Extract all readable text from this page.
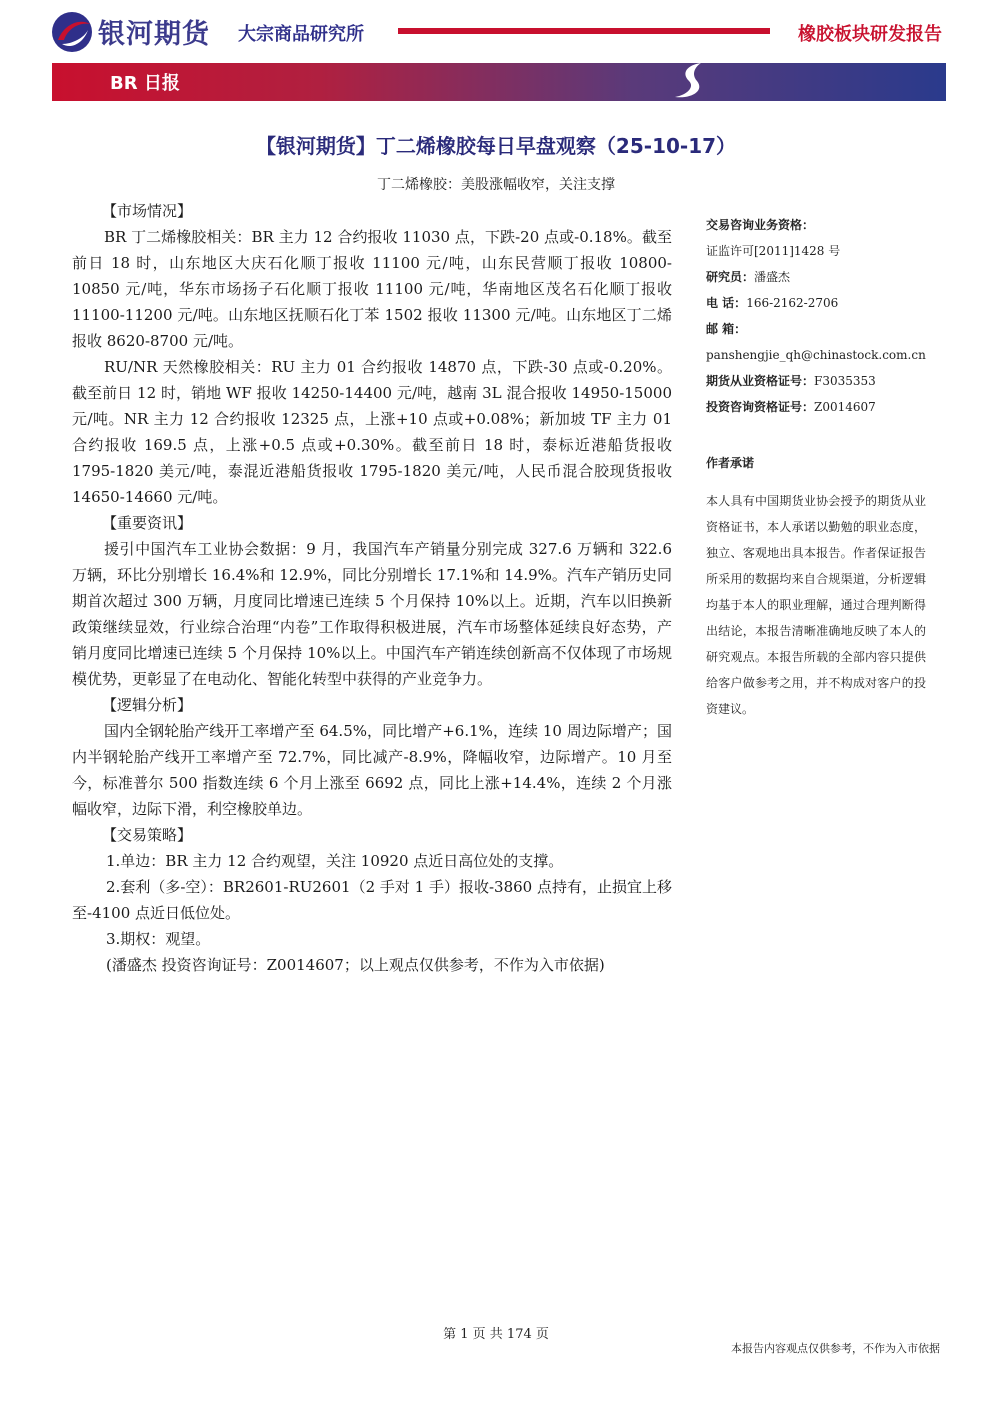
银河期货 大宗商品研究所	橡胶板块研发报告
BR 日报
【银河期货】丁二烯橡胶每日早盘观察（25-10-17）
丁二烯橡胶：美股涨幅收窄，关注支撑

【市场情况】

BR 丁二烯橡胶相关：BR 主力 12 合约报收 11030 点，下跌-20 点或-0.18%。截至前日 18 时，山东地区大庆石化顺丁报收 11100 元/吨，山东民营顺丁报收 10800-10850 元/吨，华东市场扬子石化顺丁报收 11100 元/吨，华南地区茂名石化顺丁报收 11100-11200 元/吨。山东地区抚顺石化丁苯 1502 报收 11300 元/吨。山东地区丁二烯报收 8620-8700 元/吨。

RU/NR 天然橡胶相关：RU 主力 01 合约报收 14870 点，下跌-30 点或-0.20%。截至前日 12 时，销地 WF 报收 14250-14400 元/吨，越南 3L 混合报收 14950-15000 元/吨。NR 主力 12 合约报收 12325 点，上涨+10 点或+0.08%；新加坡 TF 主力 01 合约报收 169.5 点，上涨+0.5 点或+0.30%。截至前日 18 时，泰标近港船货报收 1795-1820 美元/吨，泰混近港船货报收 1795-1820 美元/吨，人民币混合胶现货报收 14650-14660 元/吨。

【重要资讯】

援引中国汽车工业协会数据：9 月，我国汽车产销量分别完成 327.6 万辆和 322.6 万辆，环比分别增长 16.4%和 12.9%，同比分别增长 17.1%和 14.9%。汽车产销历史同期首次超过 300 万辆，月度同比增速已连续 5 个月保持 10%以上。近期，汽车以旧换新政策继续显效，行业综合治理“内卷”工作取得积极进展，汽车市场整体延续良好态势，产销月度同比增速已连续 5 个月保持 10%以上。中国汽车产销连续创新高不仅体现了市场规模优势，更彰显了在电动化、智能化转型中获得的产业竞争力。

【逻辑分析】

国内全钢轮胎产线开工率增产至 64.5%，同比增产+6.1%，连续 10 周边际增产；国内半钢轮胎产线开工率增产至 72.7%，同比减产-8.9%，降幅收窄，边际增产。10 月至今，标准普尔 500 指数连续 6 个月上涨至 6692 点，同比上涨+14.4%，连续 2 个月涨幅收窄，边际下滑，利空橡胶单边。

【交易策略】

1.单边：BR 主力 12 合约观望，关注 10920 点近日高位处的支撑。

2.套利（多-空）：BR2601-RU2601（2 手对 1 手）报收-3860 点持有，止损宜上移至-4100 点近日低位处。

3.期权：观望。

(潘盛杰 投资咨询证号：Z0014607；以上观点仅供参考，不作为入市依据)

交易咨询业务资格：

证监许可[2011]1428 号

研究员：潘盛杰

电 话：166-2162-2706

邮 箱：

panshengjie_qh@chinastock.com.cn

期货从业资格证号：F3035353

投资咨询资格证号：Z0014607

作者承诺

本人具有中国期货业协会授予的期货从业资格证书，本人承诺以勤勉的职业态度，独立、客观地出具本报告。作者保证报告所采用的数据均来自合规渠道，分析逻辑均基于本人的职业理解，通过合理判断得出结论，本报告清晰准确地反映了本人的研究观点。本报告所载的全部内容只提供给客户做参考之用，并不构成对客户的投资建议。

第 1 页 共 174 页
本报告内容观点仅供参考，不作为入市依据
